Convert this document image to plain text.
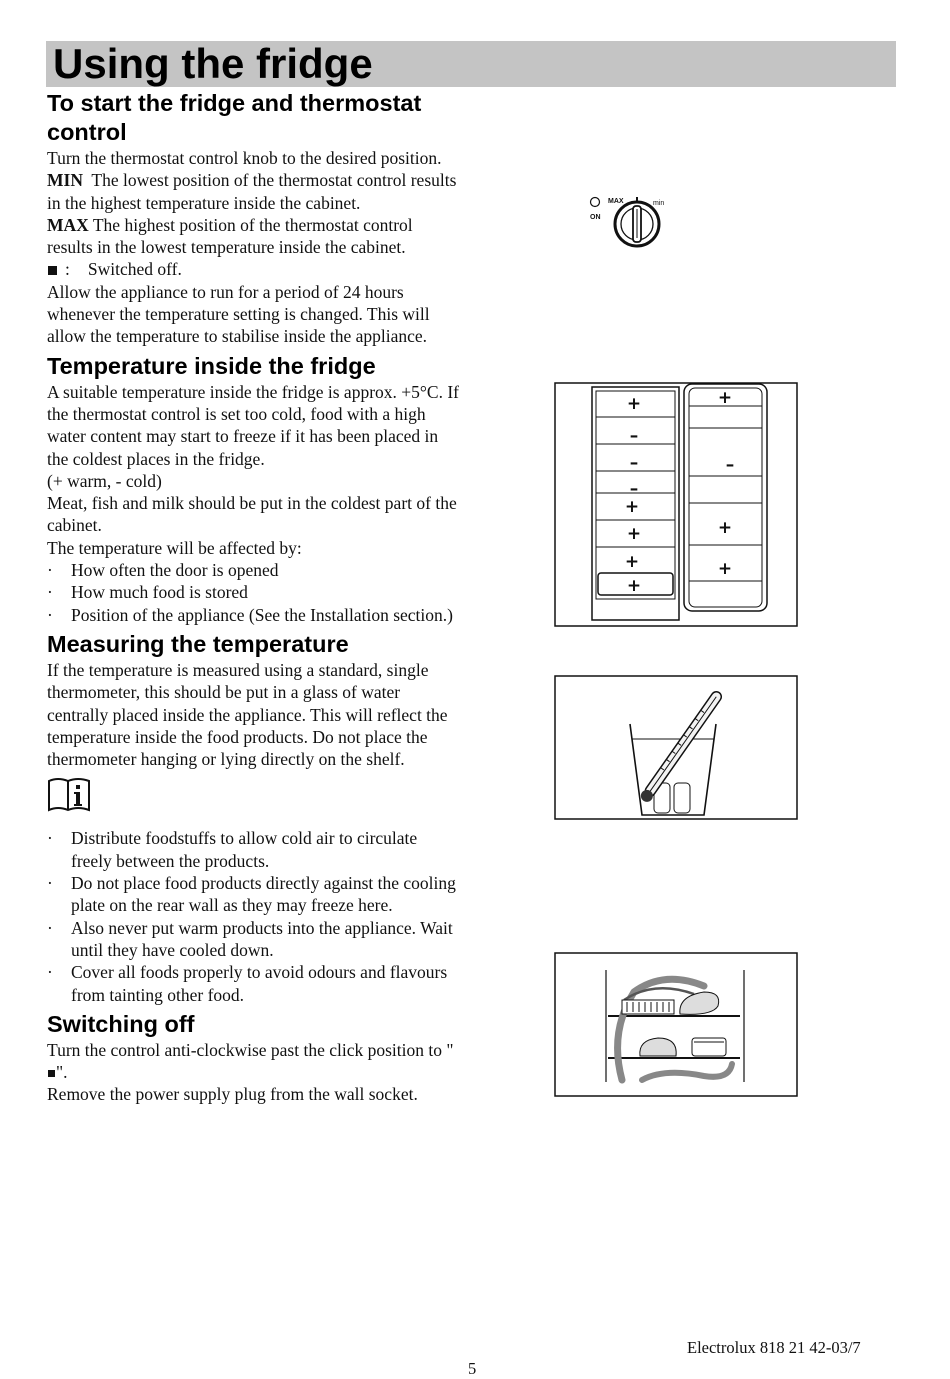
Using the fridge
To start the fridge and thermostat control

Turn the thermostat control knob to the desired position.

MIN The lowest position of the thermostat control results in the highest temperature inside the cabinet.

MAX The highest position of the thermostat control results in the lowest temperature inside the cabinet.

: Switched off.

Allow the appliance to run for a period of 24 hours whenever the temperature setting is changed. This will allow the temperature to stabilise inside the appliance.

Temperature inside the fridge

A suitable temperature inside the fridge is approx. +5°C. If the thermostat control is set too cold, food with a high water content may start to freeze if it has been placed in the coldest places in the fridge.

(+ warm, - cold)

Meat, fish and milk should be put in the coldest part of the cabinet.

The temperature will be affected by:

· How often the door is opened

· How much food is stored

· Position of the appliance (See the Installation section.)

Measuring the temperature

If the temperature is measured using a standard, single thermometer, this should be put in a glass of water centrally placed inside the appliance. This will reflect the temperature inside the food products. Do not place the thermometer hanging or lying directly on the shelf.

· Distribute foodstuffs to allow cold air to circulate freely between the products.

· Do not place food products directly against the cooling plate on the rear wall as they may freeze here.

· Also never put warm products into the appliance. Wait until they have cooled down.

· Cover all foods properly to avoid odours and flavours from tainting other food.

Switching off

Turn the control anti-clockwise past the click position to "".

Remove the power supply plug from the wall socket.

ON
MAX	min
+
–
–
–
+
+
+
+
+
–
+
+
Electrolux 818 21 42-03/7
5
